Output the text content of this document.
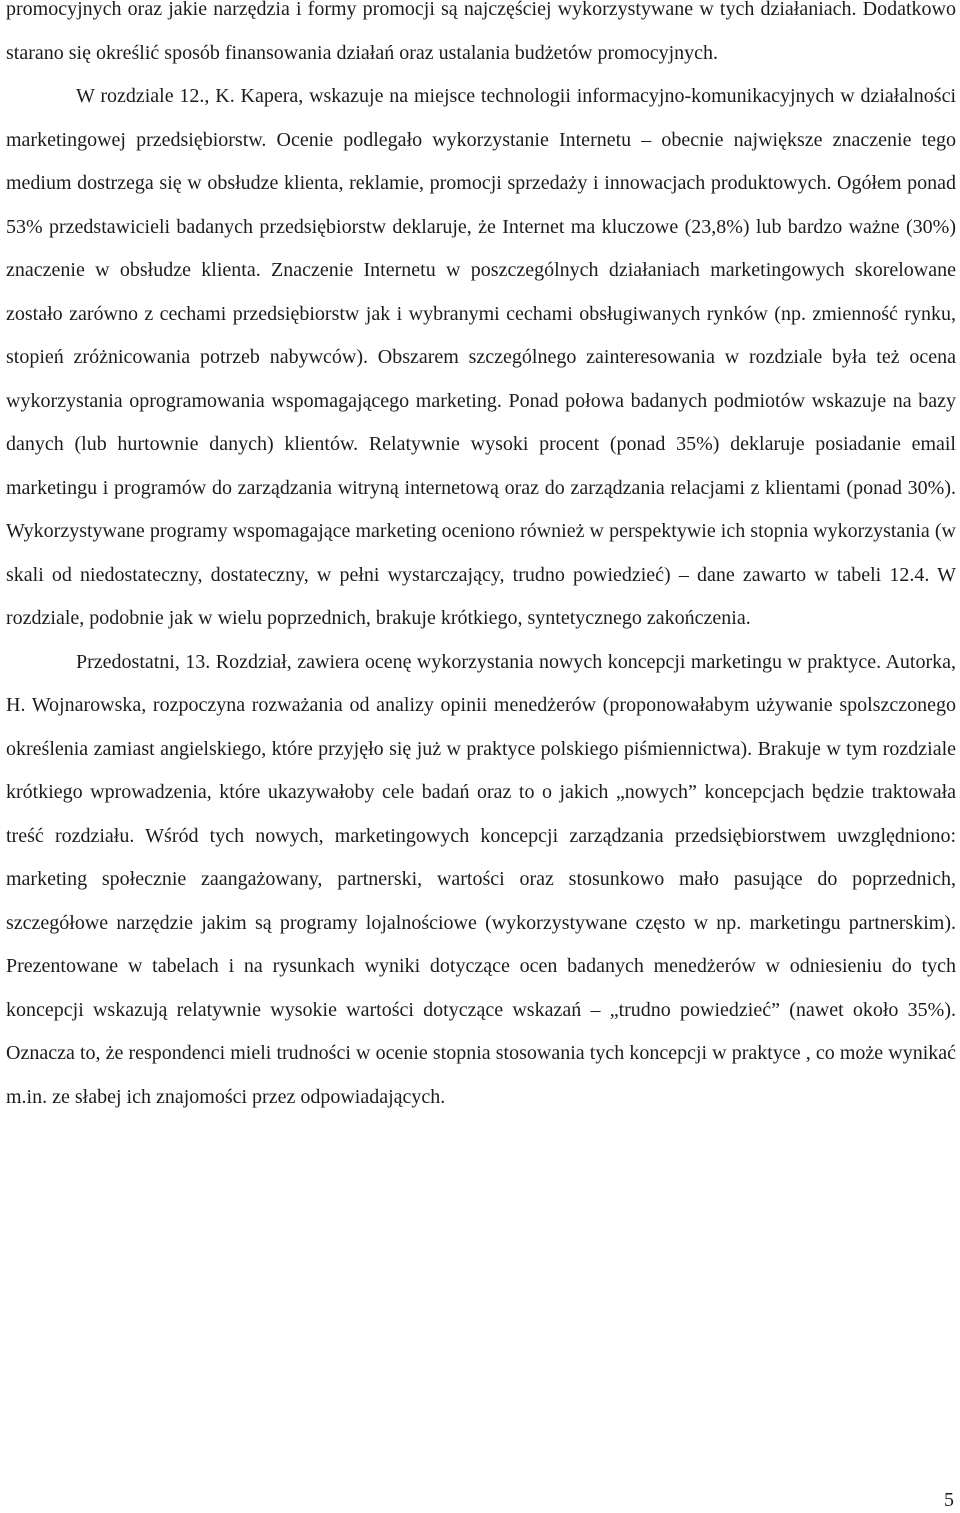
promocyjnych oraz jakie narzędzia i formy promocji są najczęściej wykorzystywane w tych działaniach. Dodatkowo starano się określić sposób finansowania działań oraz ustalania budżetów promocyjnych.

W rozdziale 12., K. Kapera, wskazuje na miejsce technologii informacyjno-komunikacyjnych w działalności marketingowej przedsiębiorstw. Ocenie podlegało wykorzystanie Internetu – obecnie największe znaczenie tego medium dostrzega się w obsłudze klienta, reklamie, promocji sprzedaży i innowacjach produktowych. Ogółem ponad 53% przedstawicieli badanych przedsiębiorstw deklaruje, że Internet ma kluczowe (23,8%) lub bardzo ważne (30%) znaczenie w obsłudze klienta. Znaczenie Internetu w poszczególnych działaniach marketingowych skorelowane zostało zarówno z cechami przedsiębiorstw jak i wybranymi cechami obsługiwanych rynków (np. zmienność rynku, stopień zróżnicowania potrzeb nabywców). Obszarem szczególnego zainteresowania w rozdziale była też ocena wykorzystania oprogramowania wspomagającego marketing. Ponad połowa badanych podmiotów wskazuje na bazy danych (lub hurtownie danych) klientów. Relatywnie wysoki procent (ponad 35%) deklaruje posiadanie email marketingu i programów do zarządzania witryną internetową oraz do zarządzania relacjami z klientami (ponad 30%). Wykorzystywane programy wspomagające marketing oceniono również w perspektywie ich stopnia wykorzystania (w skali od niedostateczny, dostateczny, w pełni wystarczający, trudno powiedzieć) – dane zawarto w tabeli 12.4. W rozdziale, podobnie jak w wielu poprzednich, brakuje krótkiego, syntetycznego zakończenia.

Przedostatni, 13. Rozdział, zawiera ocenę wykorzystania nowych koncepcji marketingu w praktyce. Autorka, H. Wojnarowska, rozpoczyna rozważania od analizy opinii menedżerów (proponowałabym używanie spolszczonego określenia zamiast angielskiego, które przyjęło się już w praktyce polskiego piśmiennictwa). Brakuje w tym rozdziale krótkiego wprowadzenia, które ukazywałoby cele badań oraz to o jakich „nowych” koncepcjach będzie traktowała treść rozdziału. Wśród tych nowych, marketingowych koncepcji zarządzania przedsiębiorstwem uwzględniono: marketing społecznie zaangażowany, partnerski, wartości oraz stosunkowo mało pasujące do poprzednich, szczegółowe narzędzie jakim są programy lojalnościowe (wykorzystywane często w np. marketingu partnerskim). Prezentowane w tabelach i na rysunkach wyniki dotyczące ocen badanych menedżerów w odniesieniu do tych koncepcji wskazują relatywnie wysokie wartości dotyczące wskazań – „trudno powiedzieć” (nawet około 35%). Oznacza to, że respondenci mieli trudności w ocenie stopnia stosowania tych koncepcji w praktyce , co może wynikać m.in. ze słabej ich znajomości przez odpowiadających.

5
